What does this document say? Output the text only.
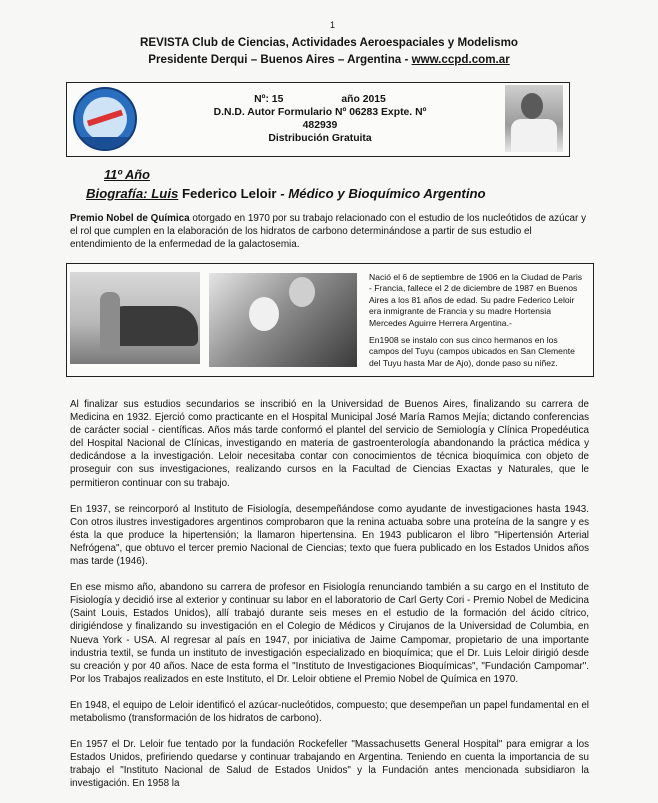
1
REVISTA Club de Ciencias, Actividades Aeroespaciales y Modelismo
Presidente Derqui – Buenos Aires – Argentina - www.ccpd.com.ar
Nº: 15	año 2015
D.N.D. Autor Formulario Nº 06283 Expte. Nº 482939
Distribución Gratuita
11º Año
Biografía: Luis Federico Leloir - Médico y Bioquímico Argentino
Premio Nobel de Química otorgado en 1970 por su trabajo relacionado con el estudio de los nucleótidos de azúcar y el rol que cumplen en la elaboración de los hidratos de carbono determinándose a partir de sus estudio el entendimiento de la enfermedad de la galactosemia.

Nació el 6 de septiembre de 1906 en la Ciudad de Paris - Francia, fallece el 2 de diciembre de 1987 en Buenos Aires a los 81 años de edad. Su padre Federico Leloir era inmigrante de Francia y su madre Hortensia Mercedes Aguirre Herrera Argentina.-

En1908 se instalo con sus cinco hermanos en los campos del Tuyu (campos ubicados en San Clemente del Tuyu hasta Mar de Ajo), donde paso su niñez.

Al finalizar sus estudios secundarios se inscribió en la Universidad de Buenos Aires, finalizando su carrera de Medicina en 1932. Ejerció como practicante en el Hospital Municipal José María Ramos Mejía; dictando conferencias de carácter social - científicas. Años más tarde conformó el plantel del servicio de Semiología y Clínica Propedéutica del Hospital Nacional de Clínicas, investigando en materia de gastroenterología abandonando la práctica médica y dedicándose a la investigación. Leloir necesitaba contar con conocimientos de técnica bioquímica con objeto de proseguir con sus investigaciones, realizando cursos en la Facultad de Ciencias Exactas y Naturales, que le permitieron continuar con su trabajo.

En 1937, se reincorporó al Instituto de Fisiología, desempeñándose como ayudante de investigaciones hasta 1943. Con otros ilustres investigadores argentinos comprobaron que la renina actuaba sobre una proteína de la sangre y es ésta la que produce la hipertensión; la llamaron hipertensina. En 1943 publicaron el libro "Hipertensión Arterial Nefrógena", que obtuvo el tercer premio Nacional de Ciencias; texto que fuera publicado en los Estados Unidos años mas tarde (1946).

En ese mismo año, abandono su carrera de profesor en Fisiología renunciando también a su cargo en el Instituto de Fisiología y decidió irse al exterior y continuar su labor en el laboratorio de Carl Gerty Cori - Premio Nobel de Medicina (Saint Louis, Estados Unidos), allí trabajó durante seis meses en el estudio de la formación del ácido cítrico, dirigiéndose y finalizando su investigación en el Colegio de Médicos y Cirujanos de la Universidad de Columbia, en Nueva York - USA. Al regresar al país en 1947, por iniciativa de Jaime Campomar, propietario de una importante industria textil, se funda un instituto de investigación especializado en bioquímica; que el Dr. Luis Leloir dirigió desde su creación y por 40 años. Nace de esta forma el "Instituto de Investigaciones Bioquímicas", "Fundación Campomar". Por los Trabajos realizados en este Instituto, el Dr. Leloir obtiene el Premio Nobel de Química en 1970.

En 1948, el equipo de Leloir identificó el azúcar-nucleótidos, compuesto; que desempeñan un papel fundamental en el metabolismo (transformación de los hidratos de carbono).

En 1957 el Dr. Leloir fue tentado por la fundación Rockefeller "Massachusetts General Hospital" para emigrar a los Estados Unidos, prefiriendo quedarse y continuar trabajando en Argentina. Teniendo en cuenta la importancia de su trabajo el "Instituto Nacional de Salud de Estados Unidos" y la Fundación antes mencionada subsidiaron la investigación. En 1958 la
